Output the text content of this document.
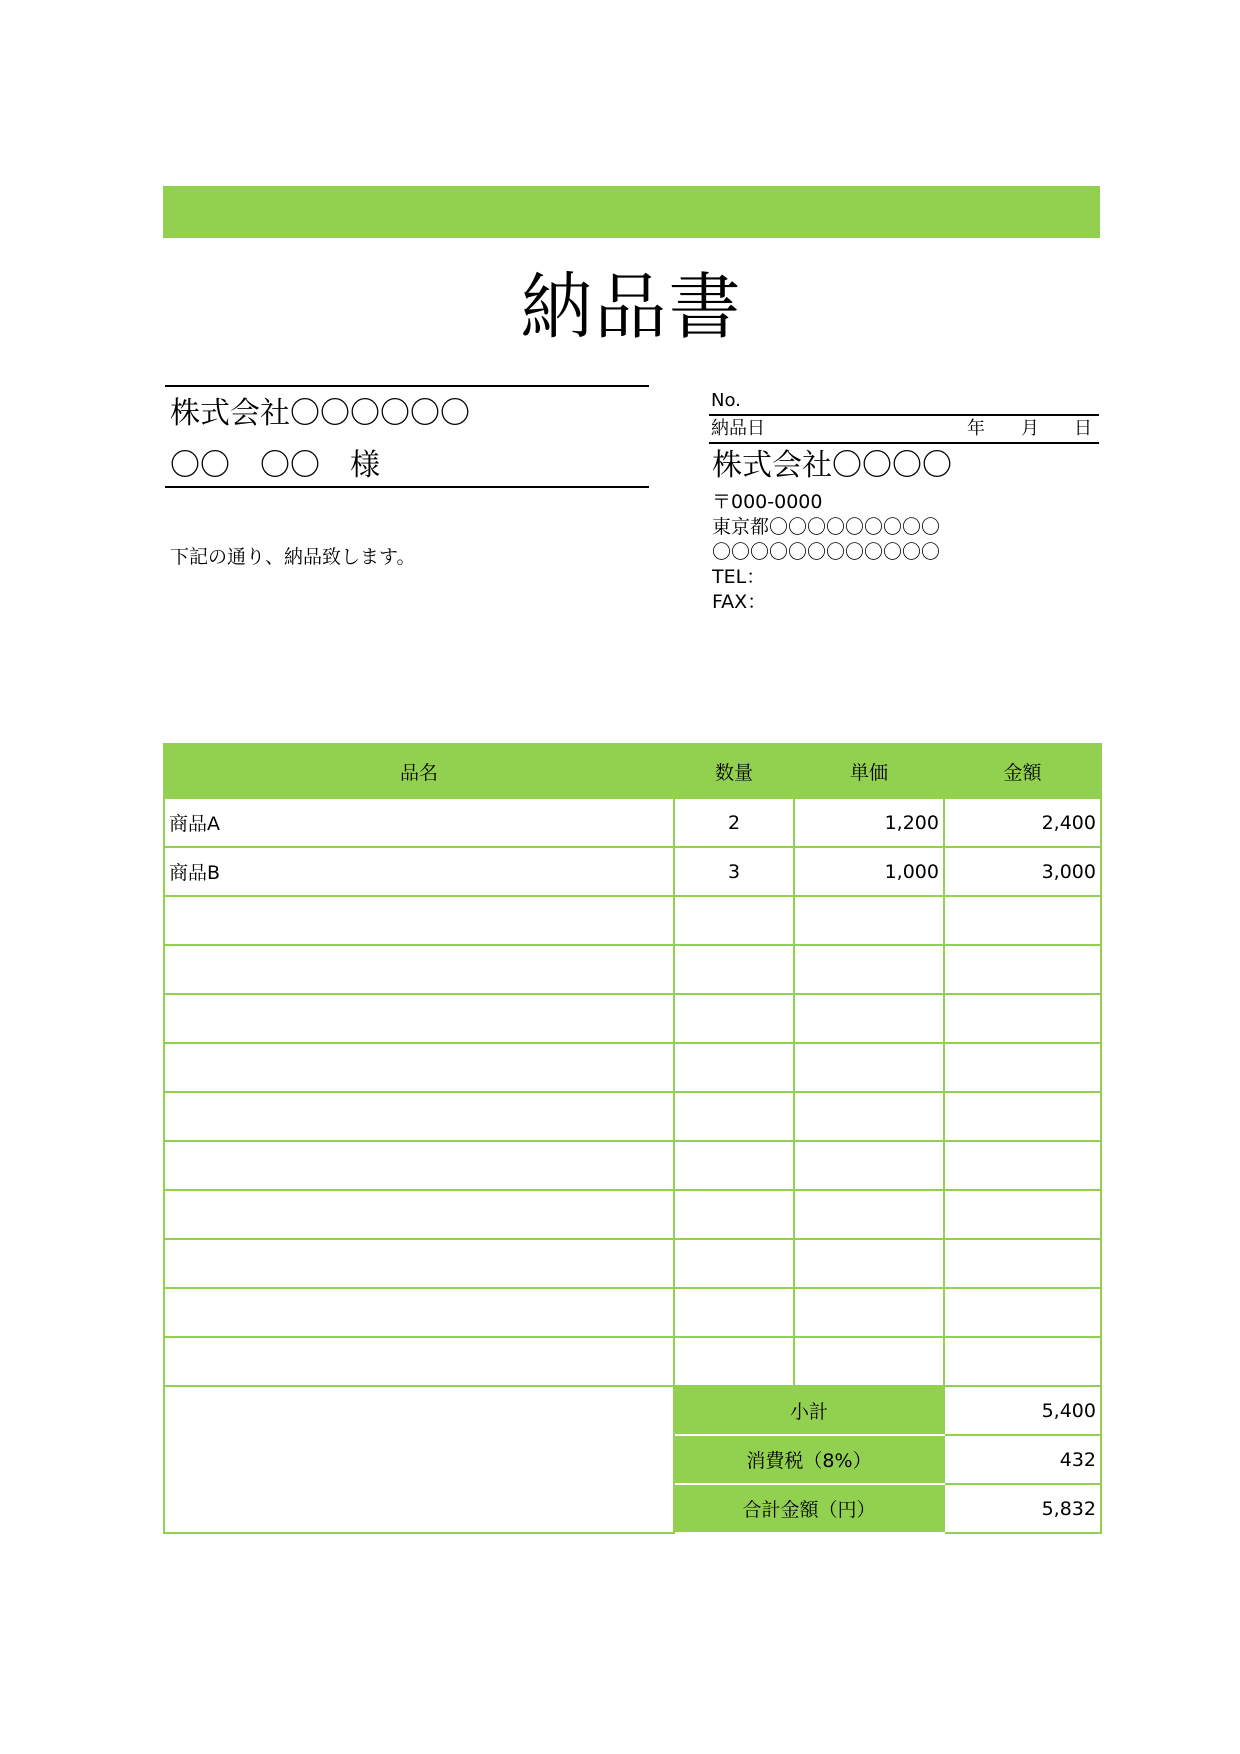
納品書
株式会社〇〇〇〇〇〇
〇〇　〇〇　様
下記の通り、納品致します。
No.
納品日	年 月 日
株式会社〇〇〇〇
〒000-0000
東京都〇〇〇〇〇〇〇〇〇
〇〇〇〇〇〇〇〇〇〇〇〇
TEL：
FAX：
品名	数量	単価	金額
商品A	2	1,200	2,400
商品B	3	1,000	3,000

	小計		5,400
	消費税（8%）		432
	合計金額（円）		5,832
